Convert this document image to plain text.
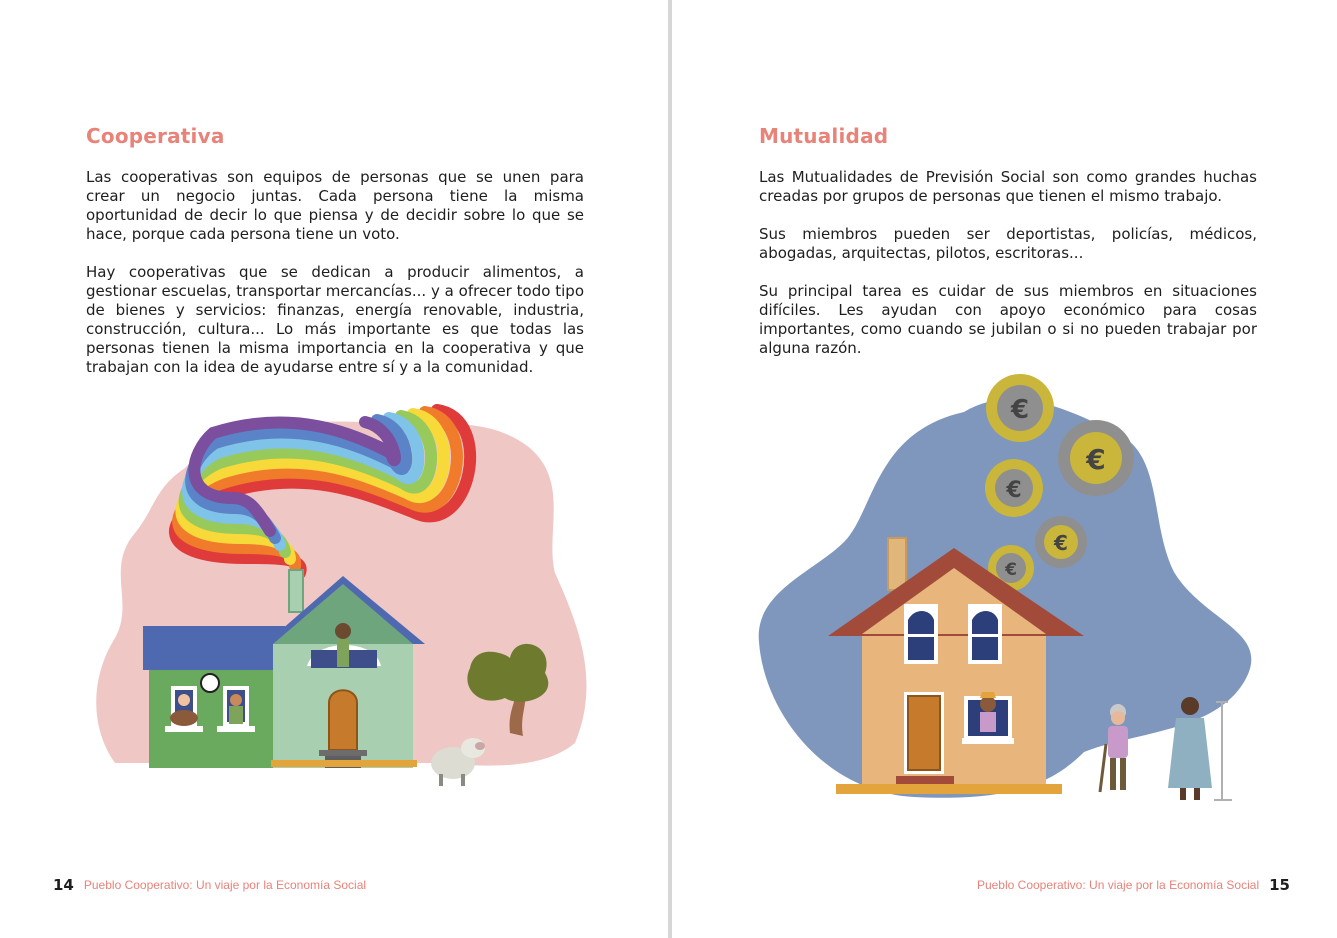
Cooperativa

Las cooperativas son equipos de personas que se unen para crear un negocio juntas. Cada persona tiene la misma oportunidad de decir lo que piensa y de decidir sobre lo que se hace, porque cada persona tiene un voto.

Hay cooperativas que se dedican a producir alimentos, a gestionar escuelas, transportar mercancías... y a ofrecer todo tipo de bienes y servicios: finanzas, energía renovable, industria, construcción, cultura... Lo más importante es que todas las personas tienen la misma importancia en la cooperativa y que trabajan con la idea de ayudarse entre sí y a la comunidad.

14 Pueblo Cooperativo: Un viaje por la Economía Social
Mutualidad

Las Mutualidades de Previsión Social son como grandes huchas creadas por grupos de personas que tienen el mismo trabajo.

Sus miembros pueden ser deportistas, policías, médicos, abogadas, arquitectas, pilotos, escritoras...

Su principal tarea es cuidar de sus miembros en situaciones difíciles. Les ayudan con apoyo económico para cosas importantes, como cuando se jubilan o si no pueden trabajar por alguna razón.

€
€
€
€
€
Pueblo Cooperativo: Un viaje por la Economía Social 15
